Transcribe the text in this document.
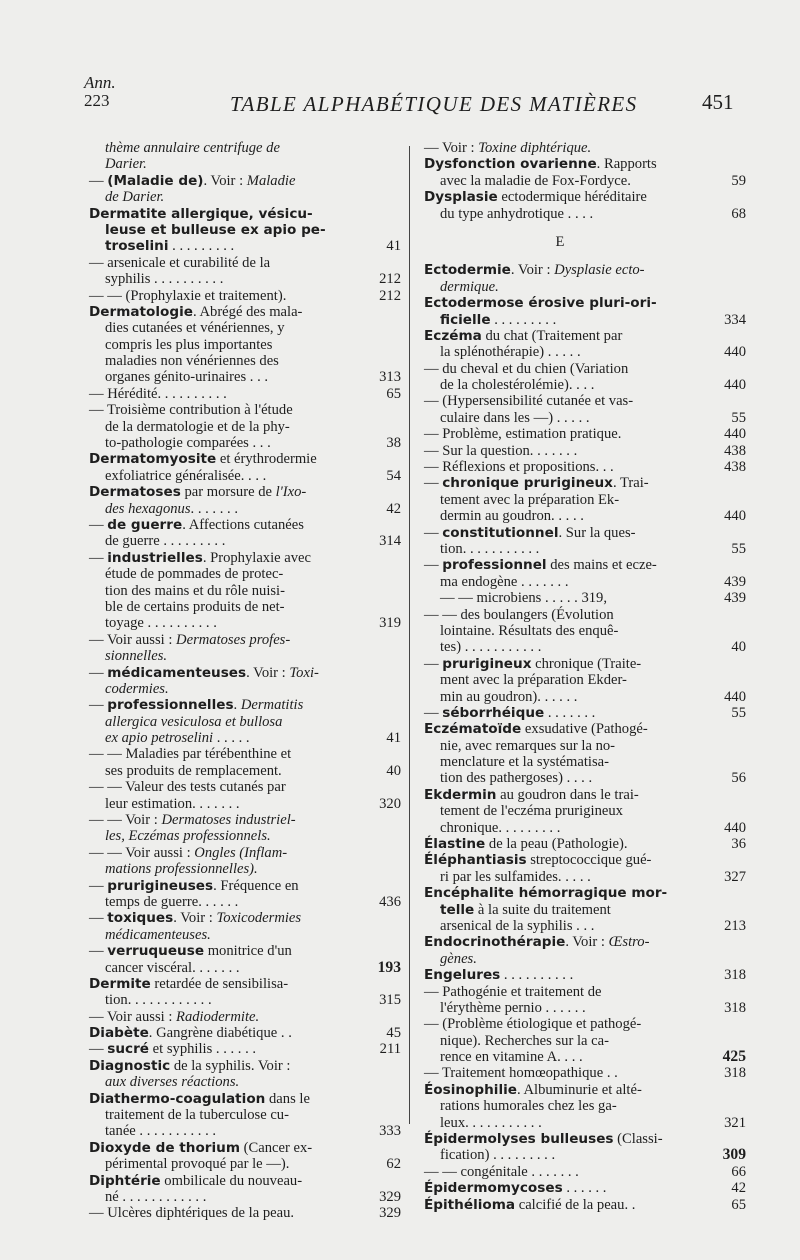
Ann.
223	TABLE ALPHABÉTIQUE DES MATIÈRES	451
thème annulaire centrifuge de
Darier.
— (Maladie de). Voir : Maladie
de Darier.
Dermatite allergique, vésicu-
leuse et bulleuse ex apio pe-
troselini . . . . . . . . .	41
— arsenicale et curabilité de la
syphilis . . . . . . . . . .	212
— — (Prophylaxie et traitement).	212
Dermatologie. Abrégé des mala-
dies cutanées et vénériennes, y
compris les plus importantes
maladies non vénériennes des
organes génito-urinaires . . .	313
— Hérédité. . . . . . . . . .	65
— Troisième contribution à l'étude
de la dermatologie et de la phy-
to-pathologie comparées . . .	38
Dermatomyosite et érythrodermie
exfoliatrice généralisée. . . .	54
Dermatoses par morsure de l'Ixo-
des hexagonus. . . . . . .	42
— de guerre. Affections cutanées
de guerre . . . . . . . . .	314
— industrielles. Prophylaxie avec
étude de pommades de protec-
tion des mains et du rôle nuisi-
ble de certains produits de net-
toyage . . . . . . . . . .	319
— Voir aussi : Dermatoses profes-
sionnelles.
— médicamenteuses. Voir : Toxi-
codermies.
— professionnelles. Dermatitis
allergica vesiculosa et bullosa
ex apio petroselini . . . . .	41
— — Maladies par térébenthine et
ses produits de remplacement.	40
— — Valeur des tests cutanés par
leur estimation. . . . . . .	320
— — Voir : Dermatoses industriel-
les, Eczémas professionnels.
— — Voir aussi : Ongles (Inflam-
mations professionnelles).
— prurigineuses. Fréquence en
temps de guerre. . . . . .	436
— toxiques. Voir : Toxicodermies
médicamenteuses.
— verruqueuse monitrice d'un
cancer viscéral. . . . . . .	193
Dermite retardée de sensibilisa-
tion. . . . . . . . . . . .	315
— Voir aussi : Radiodermite.
Diabète. Gangrène diabétique . .	45
— sucré et syphilis . . . . . .	211
Diagnostic de la syphilis. Voir :
aux diverses réactions.
Diathermo-coagulation dans le
traitement de la tuberculose cu-
tanée . . . . . . . . . . .	333
Dioxyde de thorium (Cancer ex-
périmental provoqué par le —).	62
Diphtérie ombilicale du nouveau-
né . . . . . . . . . . . .	329
— Ulcères diphtériques de la peau.	329
— Voir : Toxine diphtérique.
Dysfonction ovarienne. Rapports
avec la maladie de Fox-Fordyce.	59
Dysplasie ectodermique héréditaire
du type anhydrotique . . . .	68
E
Ectodermie. Voir : Dysplasie ecto-
dermique.
Ectodermose érosive pluri-ori-
ficielle . . . . . . . . .	334
Eczéma du chat (Traitement par
la splénothérapie) . . . . .	440
— du cheval et du chien (Variation
de la cholestérolémie). . . .	440
— (Hypersensibilité cutanée et vas-
culaire dans les —) . . . . .	55
— Problème, estimation pratique.	440
— Sur la question. . . . . . .	438
— Réflexions et propositions. . .	438
— chronique prurigineux. Trai-
tement avec la préparation Ek-
dermin au goudron. . . . .	440
— constitutionnel. Sur la ques-
tion. . . . . . . . . . .	55
— professionnel des mains et ecze-
ma endogène . . . . . . .	439
— — microbiens . . . . . 319,	439
— — des boulangers (Évolution
lointaine. Résultats des enquê-
tes) . . . . . . . . . . .	40
— prurigineux chronique (Traite-
ment avec la préparation Ekder-
min au goudron). . . . . .	440
— séborrhéique . . . . . . .	55
Eczématoïde exsudative (Pathogé-
nie, avec remarques sur la no-
menclature et la systématisa-
tion des pathergoses) . . . .	56
Ekdermin au goudron dans le trai-
tement de l'eczéma prurigineux
chronique. . . . . . . . .	440
Élastine de la peau (Pathologie).	36
Éléphantiasis streptococcique gué-
ri par les sulfamides. . . . .	327
Encéphalite hémorragique mor-
telle à la suite du traitement
arsenical de la syphilis . . .	213
Endocrinothérapie. Voir : Œstro-
gènes.
Engelures . . . . . . . . . .	318
— Pathogénie et traitement de
l'érythème pernio . . . . . .	318
— (Problème étiologique et pathogé-
nique). Recherches sur la ca-
rence en vitamine A. . . .	425
— Traitement homœopathique . .	318
Éosinophilie. Albuminurie et alté-
rations humorales chez les ga-
leux. . . . . . . . . . .	321
Épidermolyses bulleuses (Classi-
fication) . . . . . . . . .	309
— — congénitale . . . . . . .	66
Épidermomycoses . . . . . .	42
Épithélioma calcifié de la peau. .	65
